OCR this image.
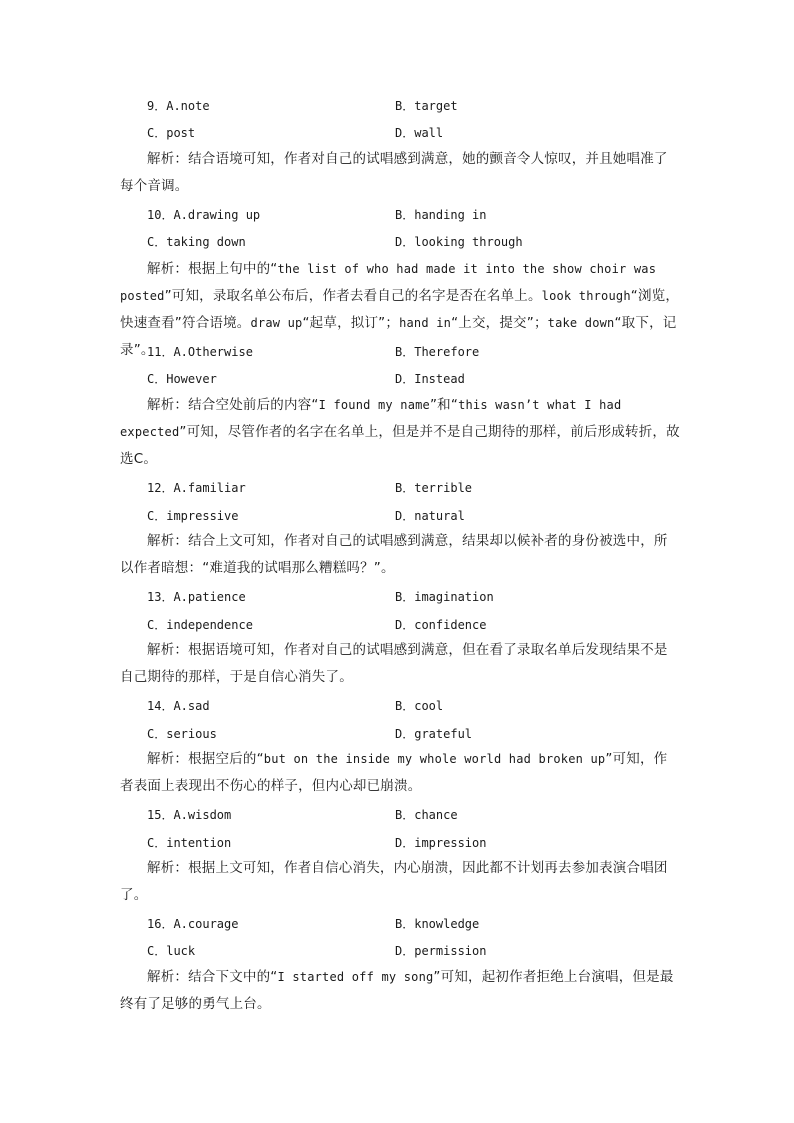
9．A.note	B．target
C．post	D．wall
解析：结合语境可知，作者对自己的试唱感到满意，她的颤音令人惊叹，并且她唱准了每个音调。
10．A.drawing up	B．handing in
C．taking down	D．looking through
解析：根据上句中的“the list of who had made it into the show choir was posted”可知，录取名单公布后，作者去看自己的名字是否在名单上。look through“浏览，快速查看”符合语境。draw up“起草，拟订”；hand in“上交，提交”；take down“取下，记录”。
11．A.Otherwise	B．Therefore
C．However	D．Instead
解析：结合空处前后的内容“I found my name”和“this wasn’t what I had expected”可知，尽管作者的名字在名单上，但是并不是自己期待的那样，前后形成转折，故选C。
12．A.familiar	B．terrible
C．impressive	D．natural
解析：结合上文可知，作者对自己的试唱感到满意，结果却以候补者的身份被选中，所以作者暗想：“难道我的试唱那么糟糕吗？”。
13．A.patience	B．imagination
C．independence	D．confidence
解析：根据语境可知，作者对自己的试唱感到满意，但在看了录取名单后发现结果不是自己期待的那样，于是自信心消失了。
14．A.sad	B．cool
C．serious	D．grateful
解析：根据空后的“but on the inside my whole world had broken up”可知，作者表面上表现出不伤心的样子，但内心却已崩溃。
15．A.wisdom	B．chance
C．intention	D．impression
解析：根据上文可知，作者自信心消失，内心崩溃，因此都不计划再去参加表演合唱团了。
16．A.courage	B．knowledge
C．luck	D．permission
解析：结合下文中的“I started off my song”可知，起初作者拒绝上台演唱，但是最终有了足够的勇气上台。
